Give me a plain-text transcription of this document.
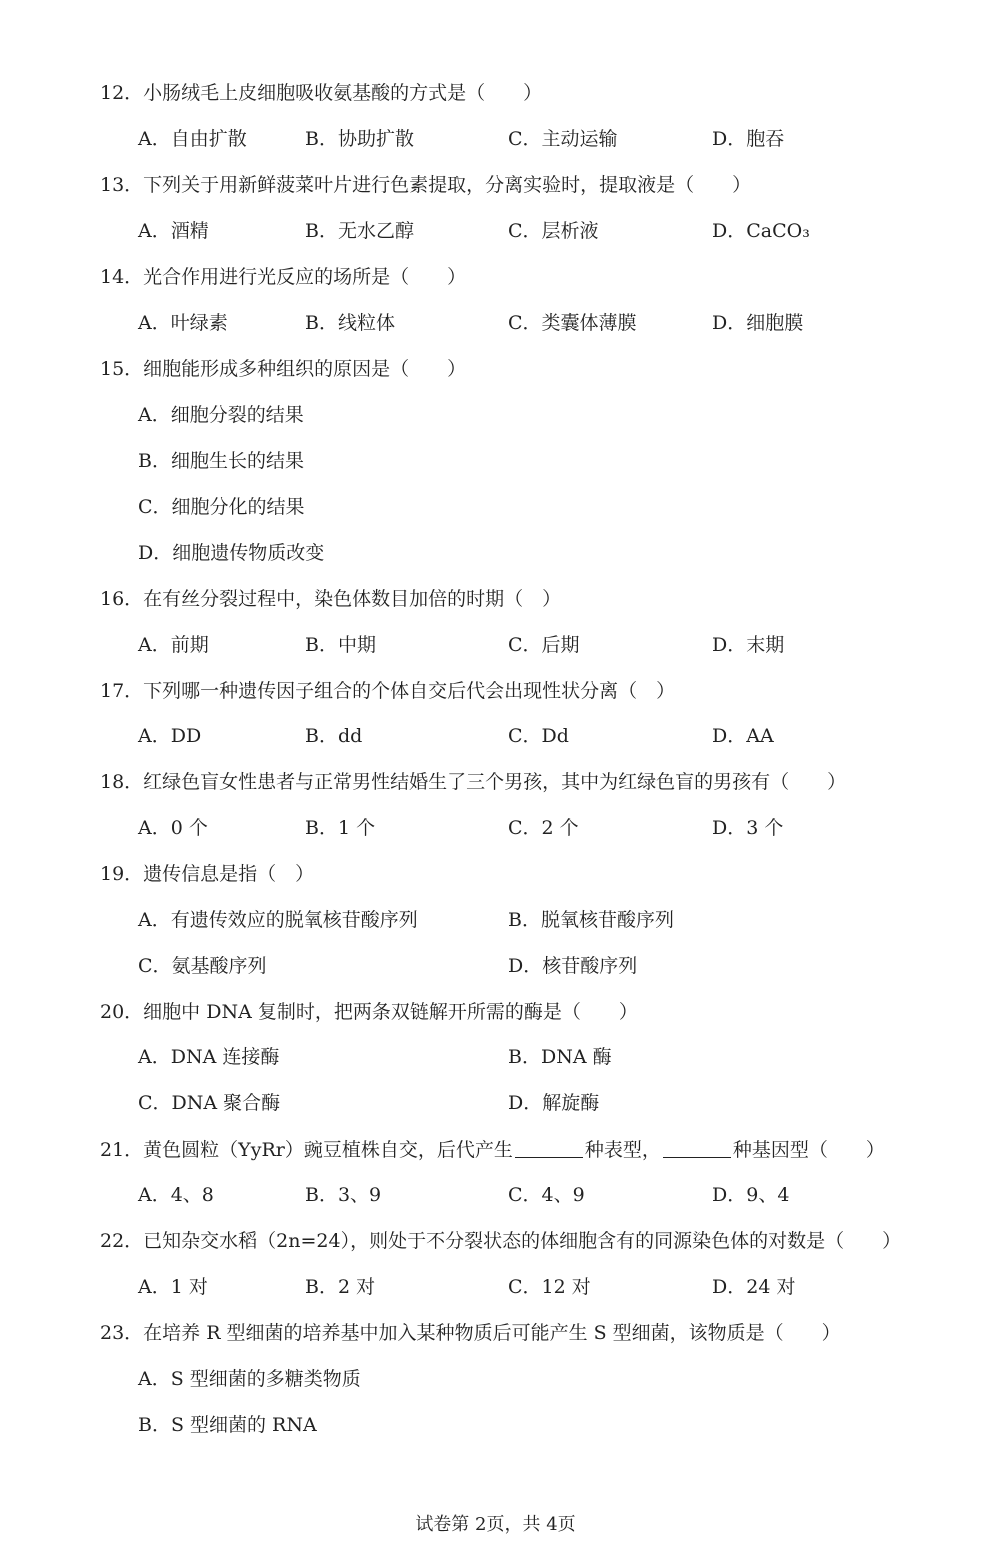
12．小肠绒毛上皮细胞吸收氨基酸的方式是（　　）
A．自由扩散	B．协助扩散	C．主动运输	D．胞吞
13．下列关于用新鲜菠菜叶片进行色素提取，分离实验时，提取液是（　　）
A．酒精	B．无水乙醇	C．层析液	D．CaCO₃
14．光合作用进行光反应的场所是（　　）
A．叶绿素	B．线粒体	C．类囊体薄膜	D．细胞膜
15．细胞能形成多种组织的原因是（　　）
A．细胞分裂的结果
B．细胞生长的结果
C．细胞分化的结果
D．细胞遗传物质改变
16．在有丝分裂过程中，染色体数目加倍的时期（　）
A．前期	B．中期	C．后期	D．末期
17．下列哪一种遗传因子组合的个体自交后代会出现性状分离（　）
A．DD	B．dd	C．Dd	D．AA
18．红绿色盲女性患者与正常男性结婚生了三个男孩，其中为红绿色盲的男孩有（　　）
A．0 个	B．1 个	C．2 个	D．3 个
19．遗传信息是指（　）
A．有遗传效应的脱氧核苷酸序列	B．脱氧核苷酸序列
C．氨基酸序列	D．核苷酸序列
20．细胞中 DNA 复制时，把两条双链解开所需的酶是（　　）
A．DNA 连接酶	B．DNA 酶
C．DNA 聚合酶	D．解旋酶
21．黄色圆粒（YyRr）豌豆植株自交，后代产生	种表型，	种基因型（　　）
A．4、8	B．3、9	C．4、9	D．9、4
22．已知杂交水稻（2n=24），则处于不分裂状态的体细胞含有的同源染色体的对数是（　　）
A．1 对	B．2 对	C．12 对	D．24 对
23．在培养 R 型细菌的培养基中加入某种物质后可能产生 S 型细菌，该物质是（　　）
A．S 型细菌的多糖类物质
B．S 型细菌的 RNA
试卷第 2页，共 4页
